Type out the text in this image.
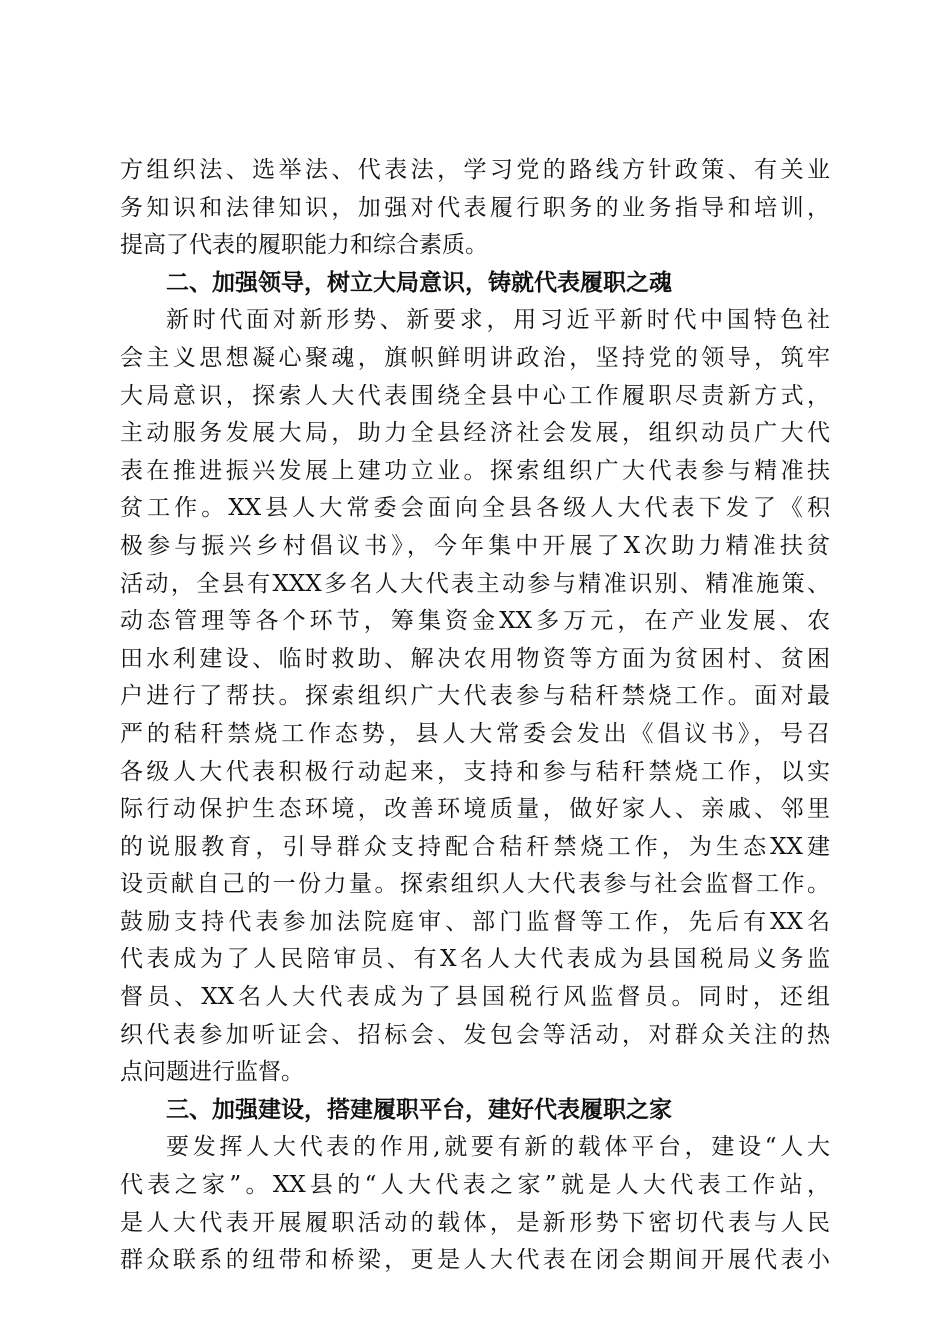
方组织法、选举法、代表法，学习党的路线方针政策、有关业
务知识和法律知识，加强对代表履行职务的业务指导和培训，
提高了代表的履职能力和综合素质。
二、加强领导，树立大局意识，铸就代表履职之魂
新时代面对新形势、新要求，用习近平新时代中国特色社
会主义思想凝心聚魂，旗帜鲜明讲政治，坚持党的领导，筑牢
大局意识，探索人大代表围绕全县中心工作履职尽责新方式，
主动服务发展大局，助力全县经济社会发展，组织动员广大代
表在推进振兴发展上建功立业。探索组织广大代表参与精准扶
贫工作。XX县人大常委会面向全县各级人大代表下发了《积
极参与振兴乡村倡议书》，今年集中开展了X次助力精准扶贫
活动，全县有XXX多名人大代表主动参与精准识别、精准施策、
动态管理等各个环节，筹集资金XX多万元，在产业发展、农
田水利建设、临时救助、解决农用物资等方面为贫困村、贫困
户进行了帮扶。探索组织广大代表参与秸秆禁烧工作。面对最
严的秸秆禁烧工作态势，县人大常委会发出《倡议书》，号召
各级人大代表积极行动起来，支持和参与秸秆禁烧工作，以实
际行动保护生态环境，改善环境质量，做好家人、亲戚、邻里
的说服教育，引导群众支持配合秸秆禁烧工作，为生态XX建
设贡献自己的一份力量。探索组织人大代表参与社会监督工作。
鼓励支持代表参加法院庭审、部门监督等工作，先后有XX名
代表成为了人民陪审员、有X名人大代表成为县国税局义务监
督员、XX名人大代表成为了县国税行风监督员。同时，还组
织代表参加听证会、招标会、发包会等活动，对群众关注的热
点问题进行监督。
三、加强建设，搭建履职平台，建好代表履职之家
要发挥人大代表的作用,就要有新的载体平台，建设“人大
代表之家”。XX县的“人大代表之家”就是人大代表工作站，
是人大代表开展履职活动的载体，是新形势下密切代表与人民
群众联系的纽带和桥梁，更是人大代表在闭会期间开展代表小
